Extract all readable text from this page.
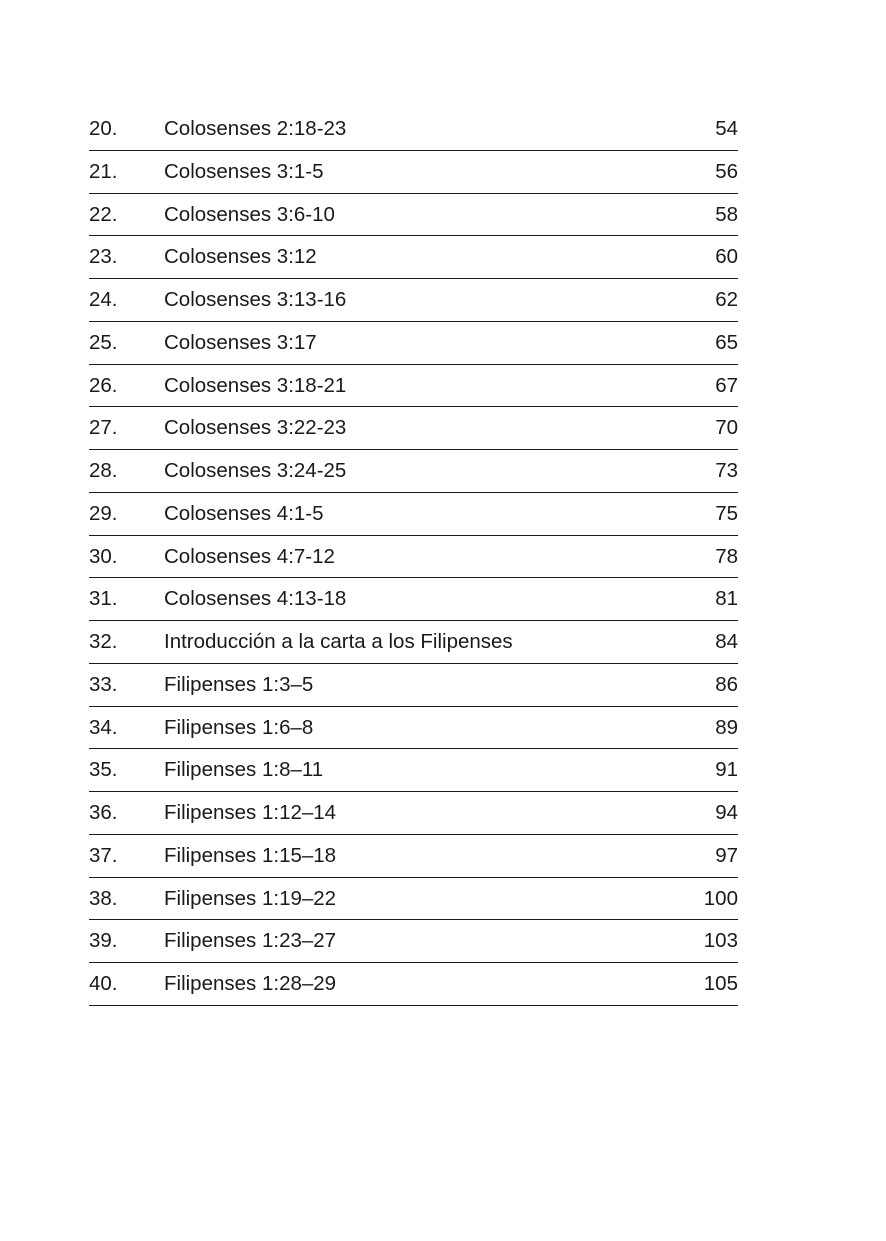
20. Colosenses 2:18-23	54
21. Colosenses 3:1-5	56
22. Colosenses 3:6-10	58
23. Colosenses 3:12	60
24. Colosenses 3:13-16	62
25. Colosenses 3:17	65
26. Colosenses 3:18-21	67
27. Colosenses 3:22-23	70
28. Colosenses 3:24-25	73
29. Colosenses 4:1-5	75
30. Colosenses 4:7-12	78
31. Colosenses 4:13-18	81
32. Introducción a la carta a los Filipenses	84
33. Filipenses 1:3–5	86
34. Filipenses 1:6–8	89
35. Filipenses 1:8–11	91
36. Filipenses 1:12–14	94
37. Filipenses 1:15–18	97
38. Filipenses 1:19–22	100
39. Filipenses 1:23–27	103
40. Filipenses 1:28–29	105
